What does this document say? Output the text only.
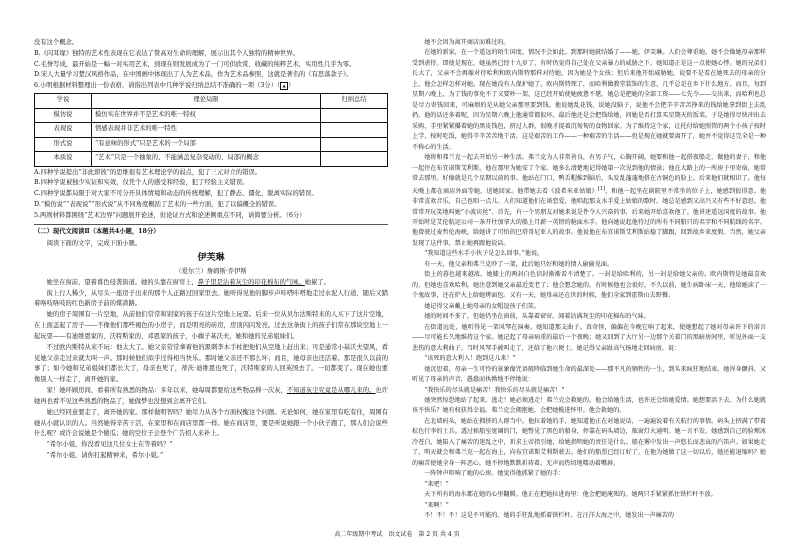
没有这个概念。

B.《闪耳缘》独特的艺术性表现在它表达了赞高对生命的理解，展示出其个人独特的精神世界。

C.毛誉写成，最开始是一幅一对实用艺术，到现在则发展成为了一门可供欣赏、收藏的纯粹艺术，实用性几乎为零。

D.宋人大量学习楚汉风格作品，在中国画中体现出了人为艺术品，作为艺术品参照，这就是著名的《有思落款子》。

6.小明根据材料整理出一份表格，请指出列表中几种学说归纳总结不准确的一项（3分）（ ▲ ）

学说	理论局限	归纳总结
模仿说	模仿实在世界并不是艺术的唯一特权	
表现说	情感表现并非艺术的唯一特性	
形式说	“有意味的形式”只是艺术的一个局部	
本质说	“艺术”只是一个抽象的、不能涵盖复杂变动的、局部的概念	

A.四种学说提出“非此即彼”的思维很有艺术理论学的弱点，犯了三元对立的错误。

B.四种学说被独少实证和实效，仅凭个人的感受和经验，犯了经验主义错误。

C.四种学说都局限于对大家不可分开具体情境和动态的传统理解，犯了静态、僵化、脱离实际的错误。

D.“模仿说”“表现说”“形式说”从不同角度概括了艺术的一些方面，犯了以偏概全的错误。

5.两则材料都围绕“艺术边界”问题展开论述，但论证方式和论述侧重点不同，请简要分析。（6分）

（二）现代文阅读Ⅱ（本题共4小题，18分）

阅读下面的文字，完成下面小题。

伊芙琳

（爱尔兰）詹姆斯·乔伊斯

她坐在窗前，望着暮色侵袭街道。她的头靠在窗帘上，鼻子里是沾着灰尘的印花棉布的气味。她累了。

街上行人稀少，从尽头一座房子出来的那个人正路过回家里去。她听得见他的脚步声咔嗒咔嗒地走过水泥人行道，随后又踏着咯吱咯吱的红色新房子前的煤渣路。

她的房子周围有一片空地，从前他们常常和别家的孩子在这片空地上玩耍。后来一位从贝尔法斯特来的人买下了这片空地，在上面盖起了房子——不像他们那些褐色的小房子，而是明亮的砖房，房顶闪闪发亮。过去这条街上的孩子们常在那块空地上一起玩耍——有迪维恩家的、沃特斯家的、邓恩家的孩子，小瘸子基沃夫，她和她的兄弟姐妹们。

不过欧内斯特从来不玩：他太大了。她父亲常常拿着他的黑刺李木手杖把他们从空地上赶出来；可是通常小基沃夫望风，看见她父亲走过来就大叫一声。那时候他们似乎过得相当快乐。那时她父亲还不那么坏；而且，她母亲也还活着。那是很久以前的事了；如今她和兄弟姐妹们都长大了，母亲也死了，蒂茨·迪维恩也死了，沃特斯家的人回英国去了。一切都变了。现在她也要像别人一样走了，离开她的家。

家！她环顾房间，看着所有熟悉的物品：多年以来，她每周都要给这些物品掸一次灰，不知道灰尘究竟是从哪儿来的。也许她再也看不见这些熟悉的物品了，她做梦也没想到会离开它们。

她已经同意要走了，离开她的家。那样做明智吗？她尽力从各个方面权衡这个问题。无论如何，她在家里有吃有住，周围有她从小就认识的人。当然她得辛苦干活，在家里和在商店里都一样。她在商店里，要是听说她跟一个小伙子跑了，那人们会说些什么呢？或许会说她是个傻瓜；她的空位子会登个广告招人来补上。

“希尔小姐，你没看见这几位女士在等着吗？”

“希尔小姐，请你打起精神来，希尔小姐。”

她不会因为离开商店而难过的。

在她的新家，在一个遥远的陌生国度，情况不会如此。到那时她就结婚了——她，伊芙琳。人们会尊重她。她不会像她母亲那样受到虐待。即使是现在，她虽然已经十九岁了，有时仍觉得自己处在父亲暴力的威胁之下。她知道正是这一点使她心悸。她的兄弟们长大了，父亲不会再像对待哈利和欧内斯特那样对待她，因为她是个女孩；但后来他开始威胁她，说要不是看在她死去的母亲的分上，他会怎样怎样对她。现在她没有人保护她了。欧内斯特死了，而哈利做教堂装饰的生意，几乎总是在乡下什么地方。而且，每到星期六晚上，为了钱的事免不了又要吵一架，这已经开始使她疲惫不堪。她总是把她的全部工资——七先令——交出来，而哈利也总是尽力寄钱回来，可麻烦的是从她父亲那里要到钱。他说她乱花钱，说她没脑子，说他不会把辛辛苦苦挣来的钱给她拿到街上去乱扔。他的话还多着呢，因为星期六晚上他通常都很坏。最后他还是会把钱给她，问她是否打算买星期天的饭菜。于是她得尽快冲出去采购，手里紧紧攥着她的黑皮钱包，挤过人群，很晚才提着沉甸甸的食物回家。为了维持这个家，让托付给她照管的两个小孩子按时上学、按时吃饭，她得辛辛苦苦地干活。这是艰苦的工作——一种艰苦的生活——但是现在她就要离开了，她并不觉得这完全是一种不称心的生活。

她将和弗兰克一起去开始另一种生活。弗兰克为人非常善良，有男子气，心胸开阔。她要和他一起搭夜船走，做他的妻子，和他一起住在布宜诺斯艾利斯，他在那里为她安了个家。她多么清楚地记得她第一次见到他的情景；他在大路上的一所房子里寄宿，她常常去那里。好像就是几个星期以前的事。他站在门口，鸭舌帽推到脑后，头发乱蓬蓬地搭在古铜色的脸上。后来他们就相识了。他每天晚上都在商店外面等她，送她回家。他带她去看《波希米亚姑娘》[1]，和他一起坐在剧院里不常坐的位子上，她感到很得意。他非常喜欢音乐，自己也唱一点儿。人们知道他们在谈恋爱，他唱起那支水手爱上姑娘的歌时，她总是感到又高兴又有些不好意思。他常常开玩笑地叫她“小波宾丝”。首先，有一个男朋友对她来说是件令人兴奋的事，后来她开始喜欢他了。他讲述遥远国度的故事。他开始时是艾伦航运公司一条开往加拿大的船上月薪一英镑的舱面水手。他向她说起他待过的所有不同船只的名字和不同航线的名字。他曾驶过麦哲伦海峡，给她讲了可怕的巴塔哥尼亚人的故事。他说他在布宜诺斯艾利斯站稳了脚跟，回到故乡来度假。当然，她父亲发现了这件事，禁止她再跟他说话。

“我知道这些水手小伙子是怎么回事。”他说。

有一天，他父亲和弗兰克吵了一架，此后她只好和她的情人偷偷见面。

街上的暮色越来越浓。她膝上的两封白色信封渐渐看不清楚了。一封是给哈利的，另一封是给她父亲的。欧内斯特是她最喜欢的，但她也喜欢哈利。她注意到她父亲最近变老了；他会想念她的。有时候他也会很好。不久以前，她生病卧床一天，他给她读了一个鬼故事，还在炉火上给她烤面包。又有一天，她母亲还在世的时候，他们全家到霍斯山去野餐。

她记得父亲戴上她母亲的女帽逗孩子们笑。

她的时间不多了，但她仍坐在窗前，头靠着窗帘，闻着沾满灰尘的印花棉布的气味。

在街道远处，她听得见一架风琴在演奏。她知道那支曲子。真奇怪，偏偏在今晚它响了起来，使她想起了她对母亲许下的诺言——尽可能长久地维持这个家。她记起了母亲病重的最后一个夜晚；她又回到了大厅另一边那个关着门的黑暗房间里，听见外面一支悲伤的意大利曲子。当时风琴手被叫走了，还给了他六便士。她记得父亲趾高气扬地走回病房，说：

“该死的意大利人！跑到这儿来！”

她沉思着，母亲一生可怜的景象像咒语般降临到她生命的最深处——那平凡的牺牲的一生，到头来疯狂地结束。她浑身颤抖，又听见了母亲的声音，愚蠢而执拗地不停地说：

“我快乐的尽头就是痛苦！我快乐的尽头就是痛苦！”

她突然惊恐地站了起来。逃走！她必须逃走！弗兰克会救她的。他会给她生活，也许还会给她爱情。她想要活下去。为什么她就该不快乐？她有权获得幸福。弗兰克会拥抱她，会把她揽进怀里。他会救她的。

在北墙码头，她站在拥挤的人群当中。他拉着她的手，她知道他正在对她说话，一遍遍说着有关航行的事情。码头上挤满了带着棕色行李的士兵。透过候船室宽阔的门，她瞥见了黑色的船身，停靠在码头墙边，舷窗灯火通明。她一言不发。她感到自己的脸颊冰冷苍白，她陷入了痛苦的迷乱之中，祈求上帝指引她，给她指明她的责任是什么。船在雾中发出一声悠长而悲哀的汽笛声。如果她走了，明天就会和弗兰克一起在海上，向布宜诺斯艾利斯驶去。他们的船票已经订好了。在他为她做了这一切以后，她还能退缩吗？她的痛苦使她全身一阵恶心，她不停地默默祈祷着，无声而热切地嚅动着嘴唇。

一阵钟声叩响了她的心房。她觉得他抓紧了她的手：

“来吧！”

天下所有的海水都在她的心里翻腾。他正在把她拉进海里：他会把她淹死的。她两只手紧紧抓住铁栏杆不放。

“来啊！”

不！不！不！这是不可能的。她的手狂乱地抓着铁栏杆。在汪洋大海之中，她发出一声痛苦的

高二年级期中考试　语文试卷　第 2 页 共 4 页
